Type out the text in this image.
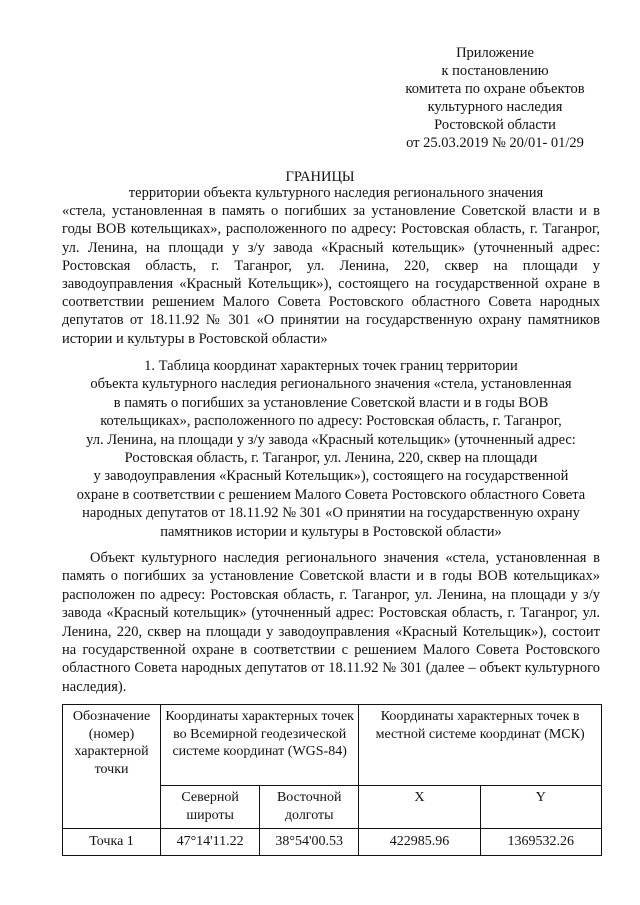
Приложение
к постановлению
комитета по охране объектов
культурного наследия
Ростовской области
от 25.03.2019 № 20/01- 01/29
ГРАНИЦЫ
территории объекта культурного наследия регионального значения
«стела, установленная в память о погибших за установление Советской власти и в годы ВОВ котельщиках», расположенного по адресу: Ростовская область, г. Таганрог, ул. Ленина, на площади у з/у завода «Красный котельщик» (уточненный адрес: Ростовская область, г. Таганрог, ул. Ленина, 220, сквер на площади у заводоуправления «Красный Котельщик»), состоящего на государственной охране в соответствии решением Малого Совета Ростовского областного Совета народных депутатов от 18.11.92 № 301 «О принятии на государственную охрану памятников истории и культуры в Ростовской области»
1. Таблица координат характерных точек границ территории
объекта культурного наследия регионального значения «стела, установленная
в память о погибших за установление Советской власти и в годы ВОВ
котельщиках», расположенного по адресу: Ростовская область, г. Таганрог,
ул. Ленина, на площади у з/у завода «Красный котельщик» (уточненный адрес:
Ростовская область, г. Таганрог, ул. Ленина, 220, сквер на площади
у заводоуправления «Красный Котельщик»), состоящего на государственной
охране в соответствии с решением Малого Совета Ростовского областного Совета
народных депутатов от 18.11.92 № 301 «О принятии на государственную охрану
памятников истории и культуры в Ростовской области»
Объект культурного наследия регионального значения «стела, установленная в память о погибших за установление Советской власти и в годы ВОВ котельщиках» расположен по адресу: Ростовская область, г. Таганрог, ул. Ленина, на площади у з/у завода «Красный котельщик» (уточненный адрес: Ростовская область, г. Таганрог, ул. Ленина, 220, сквер на площади у заводоуправления «Красный Котельщик»), состоит на государственной охране в соответствии с решением Малого Совета Ростовского областного Совета народных депутатов от 18.11.92 № 301 (далее – объект культурного наследия).
Обозначение (номер) характерной точки	Координаты характерных точек во Всемирной геодезической системе координат (WGS-84)		Координаты характерных точек в местной системе координат (МСК)	
	Северной широты	Восточной долготы	X	Y
Точка 1	47°14'11.22	38°54'00.53	422985.96	1369532.26
